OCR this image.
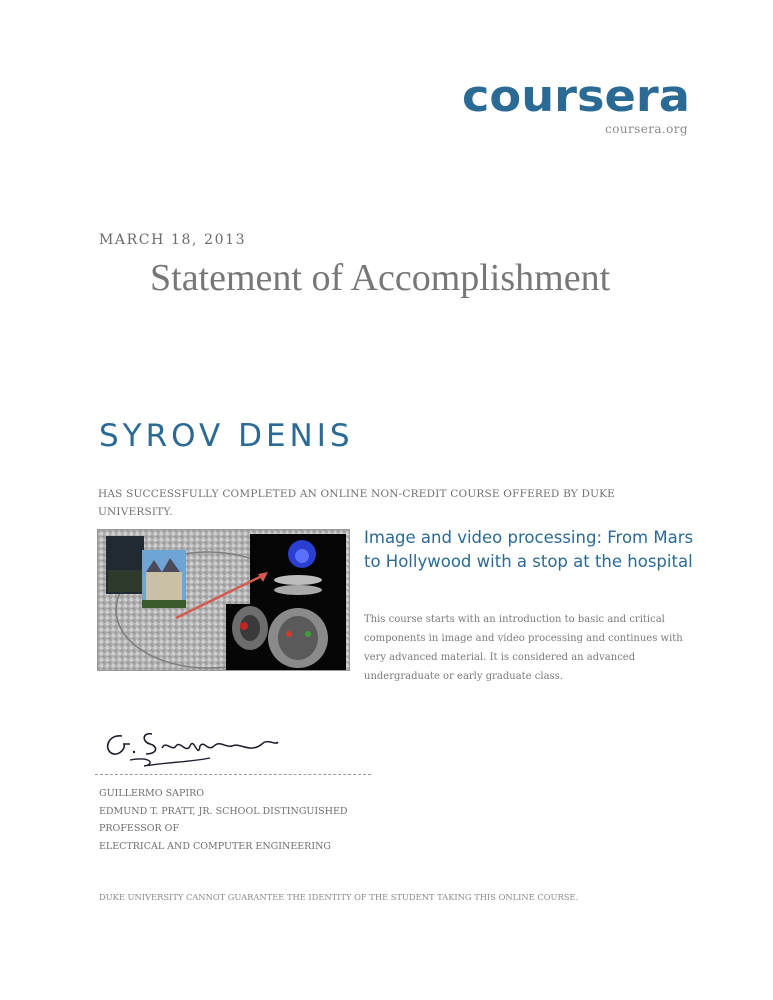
coursera
coursera.org
MARCH 18, 2013
Statement of Accomplishment
SYROV DENIS
HAS SUCCESSFULLY COMPLETED AN ONLINE NON-CREDIT COURSE OFFERED BY DUKE UNIVERSITY.
Image and video processing: From Mars to Hollywood with a stop at the hospital
This course starts with an introduction to basic and critical components in image and video processing and continues with very advanced material. It is considered an advanced undergraduate or early graduate class.
GUILLERMO SAPIRO
EDMUND T. PRATT, JR. SCHOOL DISTINGUISHED
PROFESSOR OF
ELECTRICAL AND COMPUTER ENGINEERING
DUKE UNIVERSITY CANNOT GUARANTEE THE IDENTITY OF THE STUDENT TAKING THIS ONLINE COURSE.
